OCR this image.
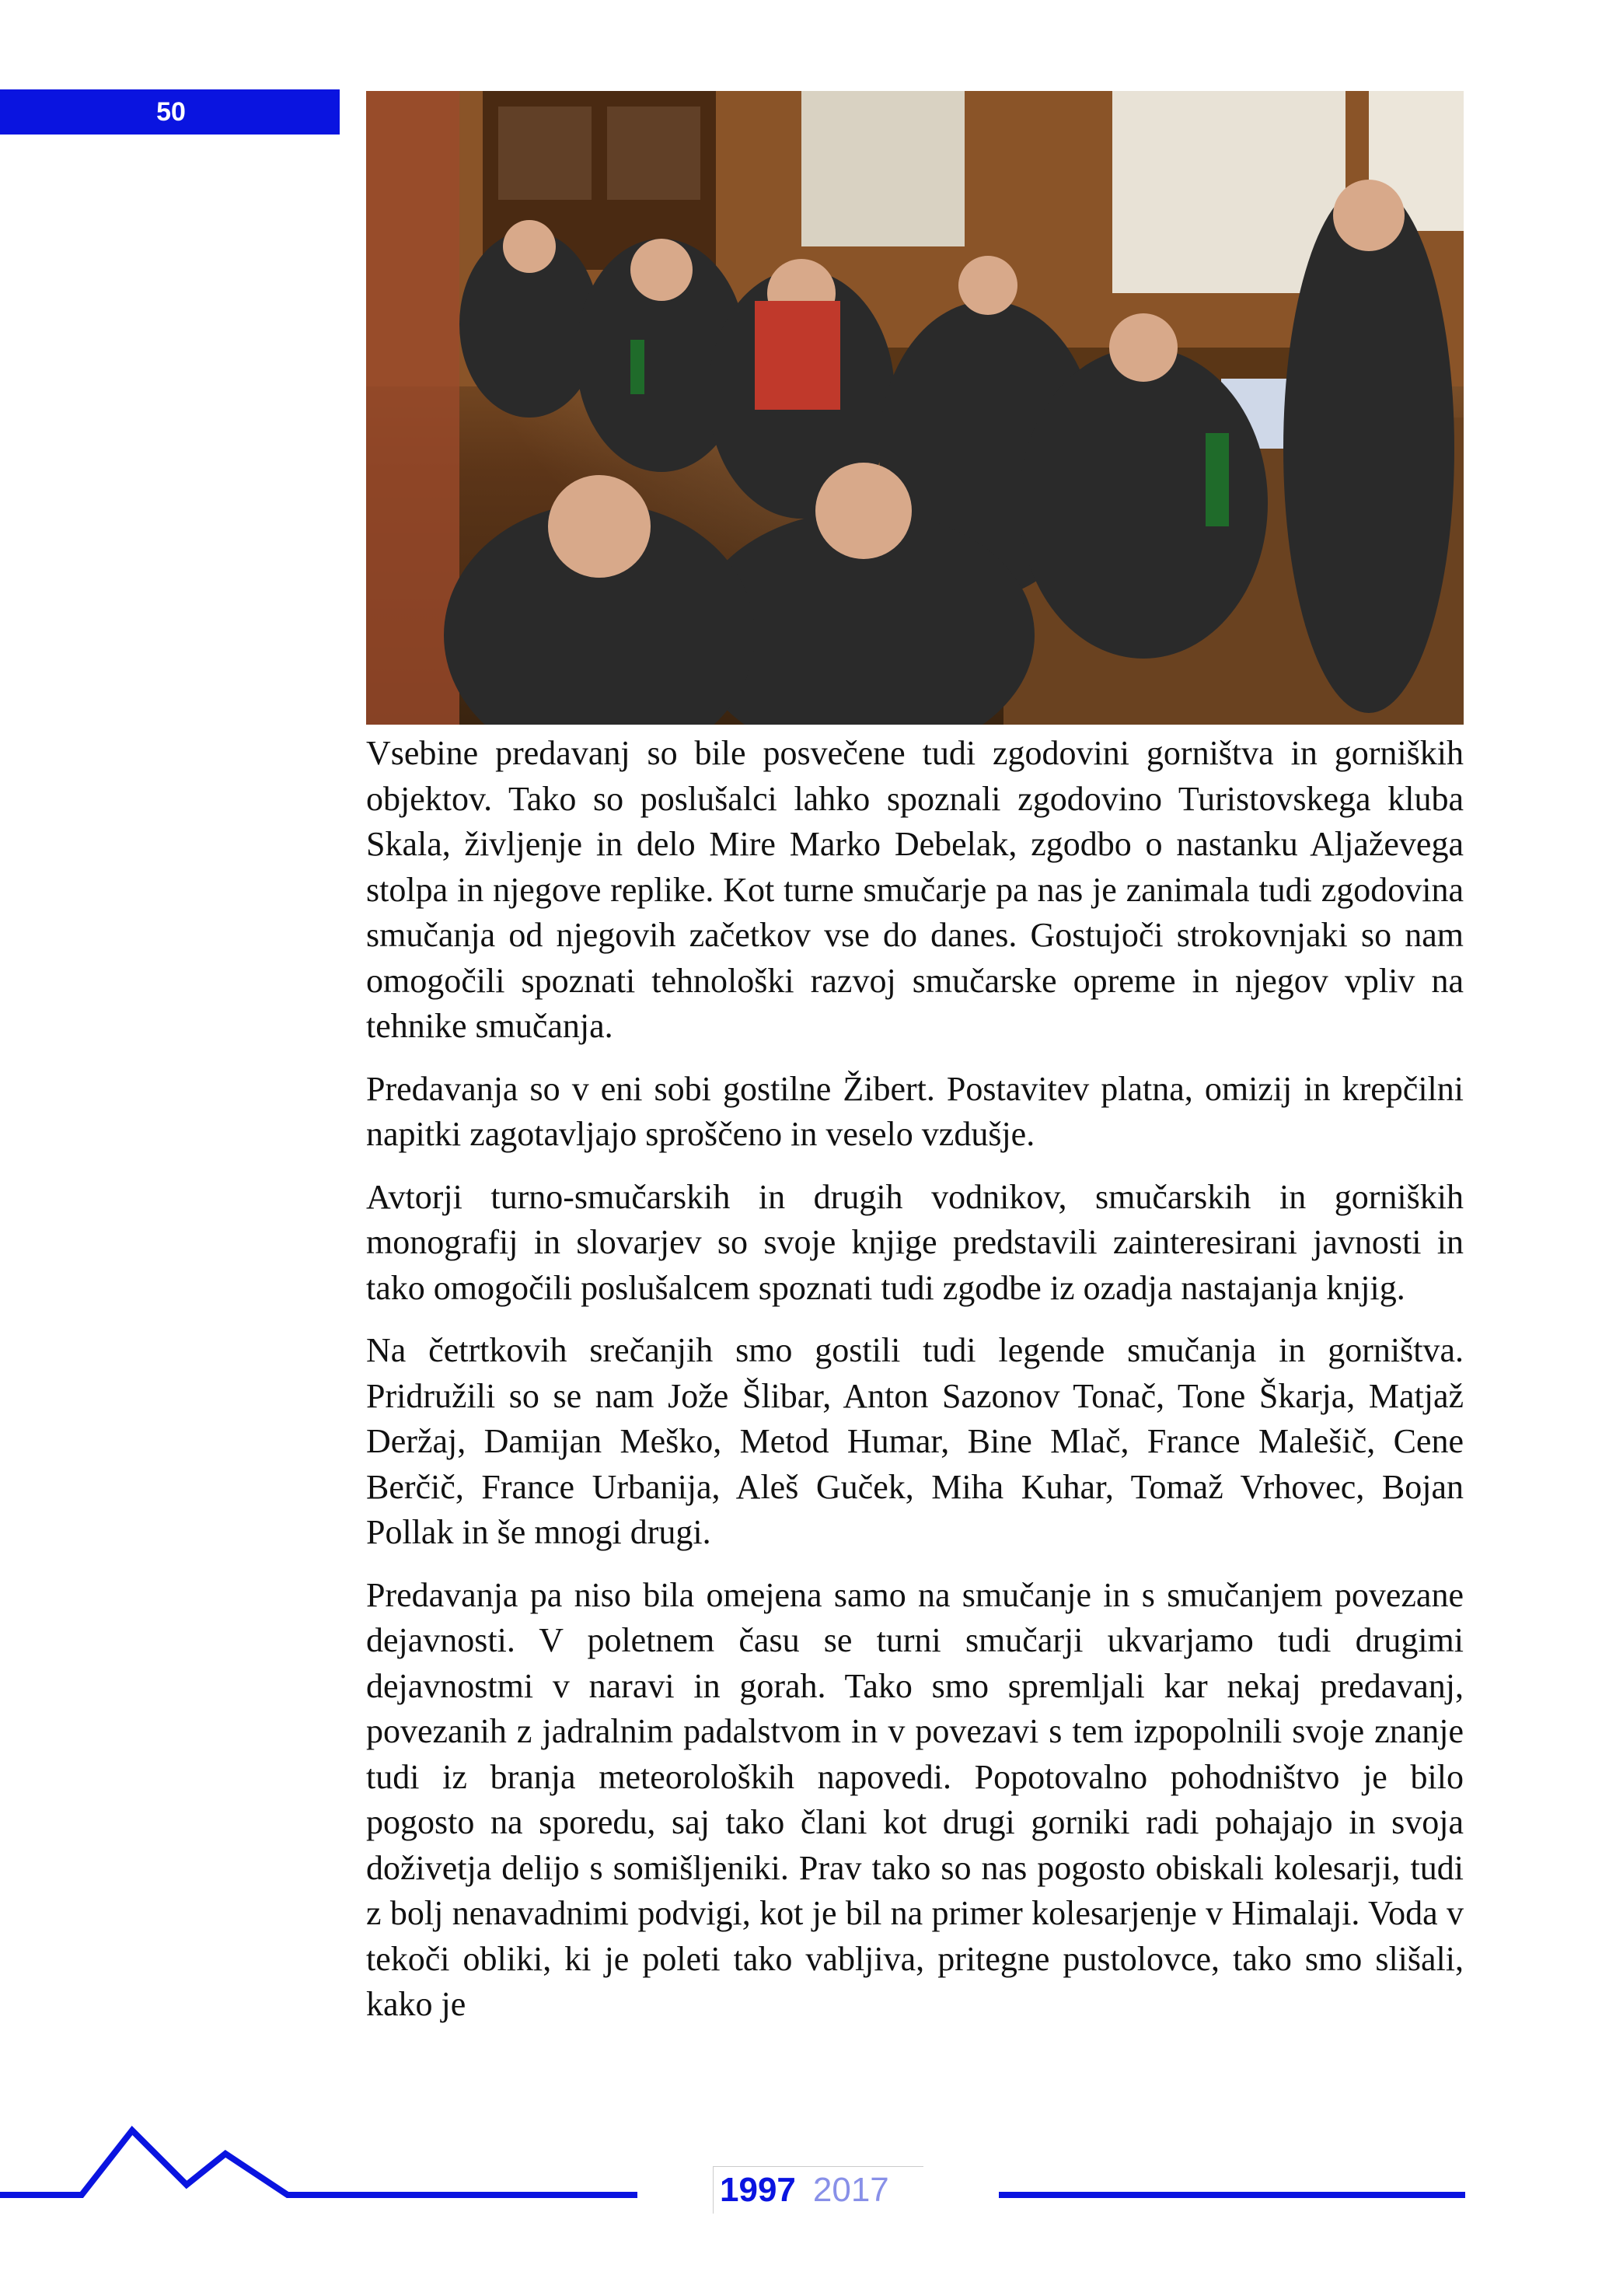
50

Vsebine predavanj so bile posvečene tudi zgodovini gorništva in gorniških objektov. Tako so poslušalci lahko spoznali zgodovino Turistovskega kluba Skala, življenje in delo Mire Marko Debelak, zgodbo o nastanku Aljaževega stolpa in njegove replike. Kot turne smučarje pa nas je zanimala tudi zgodovina smučanja od njegovih začetkov vse do danes. Gostujoči strokovnjaki so nam omogočili spoznati tehnološki razvoj smučarske opreme in njegov vpliv na tehnike smučanja.

Predavanja so v eni sobi gostilne Žibert. Postavitev platna, omizij in krepčilni napitki zagotavljajo sproščeno in veselo vzdušje.

Avtorji turno-smučarskih in drugih vodnikov, smučarskih in gorniških monografij in slovarjev so svoje knjige predstavili zainteresirani javnosti in tako omogočili poslušalcem spoznati tudi zgodbe iz ozadja nastajanja knjig.

Na četrtkovih srečanjih smo gostili tudi legende smučanja in gorništva. Pridružili so se nam Jože Šlibar, Anton Sazonov Tonač, Tone Škarja, Matjaž Deržaj, Damijan Meško, Metod Humar, Bine Mlač, France Malešič, Cene Berčič, France Urbanija, Aleš Guček, Miha Kuhar, Tomaž Vrhovec, Bojan Pollak in še mnogi drugi.

Predavanja pa niso bila omejena samo na smučanje in s smučanjem povezane dejavnosti. V poletnem času se turni smučarji ukvarjamo tudi drugimi dejavnostmi v naravi in gorah. Tako smo spremljali kar nekaj predavanj, povezanih z jadralnim padalstvom in v povezavi s tem izpopolnili svoje znanje tudi iz branja meteoroloških napovedi. Popotovalno pohodništvo je bilo pogosto na sporedu, saj tako člani kot drugi gorniki radi pohajajo in svoja doživetja delijo s somišljeniki. Prav tako so nas pogosto obiskali kolesarji, tudi z bolj nenavadnimi podvigi, kot je bil na primer kolesarjenje v Himalaji. Voda v tekoči obliki, ki je poleti tako vabljiva, pritegne pustolovce, tako smo slišali, kako je

1997 2017
